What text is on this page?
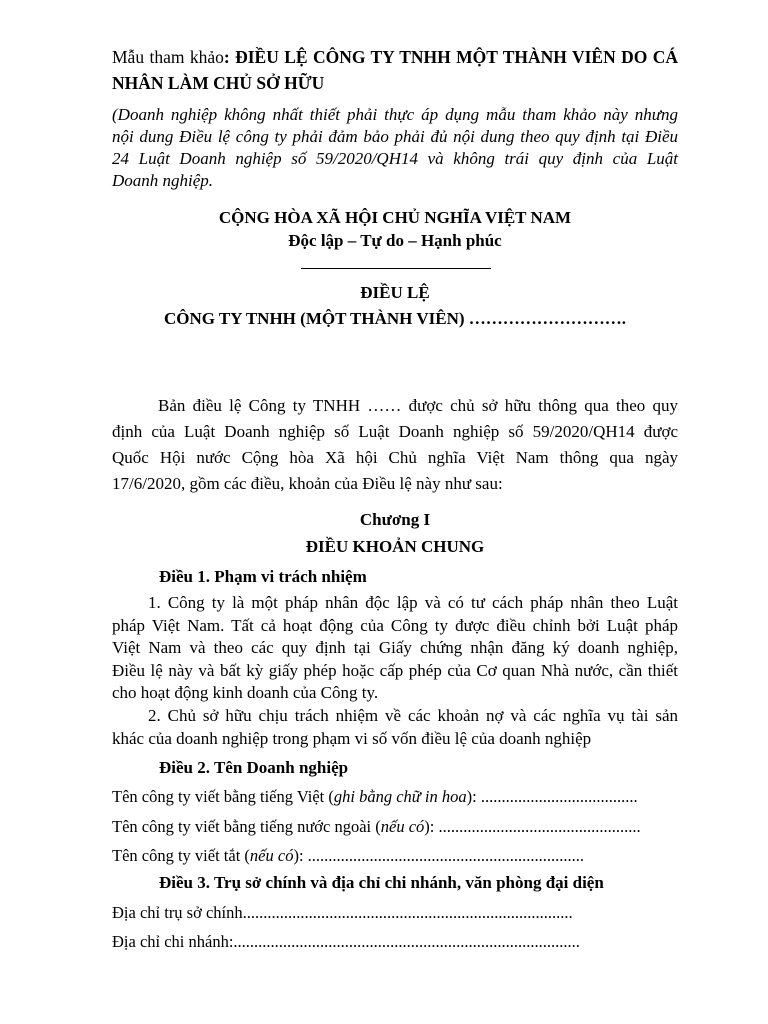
Mẫu tham khảo: ĐIỀU LỆ CÔNG TY TNHH MỘT THÀNH VIÊN DO CÁ
NHÂN LÀM CHỦ SỞ HỮU
(Doanh nghiệp không nhất thiết phải thực áp dụng mẫu tham khảo này nhưng
nội dung Điều lệ công ty phải đảm bảo phải đủ nội dung theo quy định tại Điều
24 Luật Doanh nghiệp số 59/2020/QH14 và không trái quy định của Luật
Doanh nghiệp.
CỘNG HÒA XÃ HỘI CHỦ NGHĨA VIỆT NAM
Độc lập – Tự do – Hạnh phúc
ĐIỀU LỆ
CÔNG TY TNHH (MỘT THÀNH VIÊN) ……………………….
Bản điều lệ Công ty TNHH …… được chủ sở hữu thông qua theo quy
định của Luật Doanh nghiệp số Luật Doanh nghiệp số 59/2020/QH14 được
Quốc Hội nước Cộng hòa Xã hội Chủ nghĩa Việt Nam thông qua ngày
17/6/2020, gồm các điều, khoản của Điều lệ này như sau:
Chương I
ĐIỀU KHOẢN CHUNG
Điều 1. Phạm vi trách nhiệm
1. Công ty là một pháp nhân độc lập và có tư cách pháp nhân theo Luật
pháp Việt Nam. Tất cả hoạt động của Công ty được điều chỉnh bởi Luật pháp
Việt Nam và theo các quy định tại Giấy chứng nhận đăng ký doanh nghiệp,
Điều lệ này và bất kỳ giấy phép hoặc cấp phép của Cơ quan Nhà nước, cần thiết
cho hoạt động kinh doanh của Công ty.
2. Chủ sở hữu chịu trách nhiệm về các khoản nợ và các nghĩa vụ tài sản
khác của doanh nghiệp trong phạm vi số vốn điều lệ của doanh nghiệp
Điều 2. Tên Doanh nghiệp
Tên công ty viết bằng tiếng Việt (ghi bằng chữ in hoa): ......................................
Tên công ty viết bằng tiếng nước ngoài (nếu có): .................................................
Tên công ty viết tắt (nếu có): ...................................................................
Điều 3. Trụ sở chính và địa chỉ chi nhánh, văn phòng đại diện
Địa chỉ trụ sở chính................................................................................
Địa chỉ chi nhánh:....................................................................................
